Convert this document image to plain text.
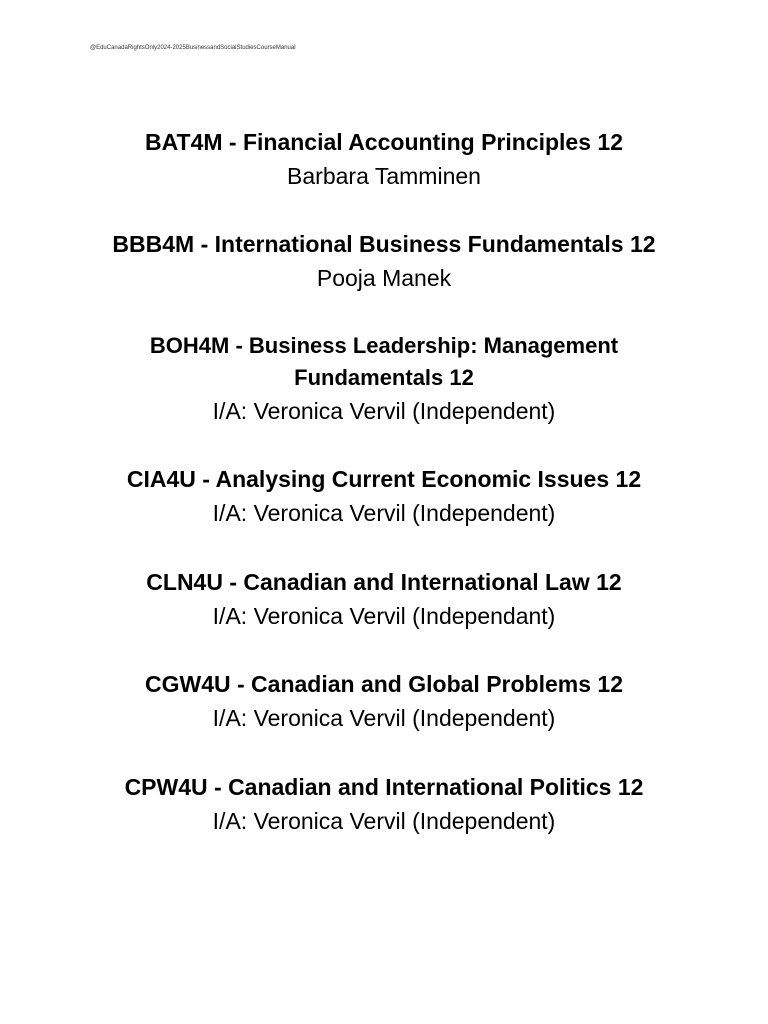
@EduCanadaRightsOnly2024-2025BusinessandSocialStudiesCourseManual

BAT4M - Financial Accounting Principles 12

Barbara Tamminen

BBB4M - International Business Fundamentals 12

Pooja Manek

BOH4M - Business Leadership: Management

Fundamentals 12

I/A: Veronica Vervil (Independent)

CIA4U - Analysing Current Economic Issues 12

I/A: Veronica Vervil (Independent)

CLN4U - Canadian and International Law 12

I/A: Veronica Vervil (Independant)

CGW4U - Canadian and Global Problems 12

I/A: Veronica Vervil (Independent)

CPW4U - Canadian and International Politics 12

I/A: Veronica Vervil (Independent)
